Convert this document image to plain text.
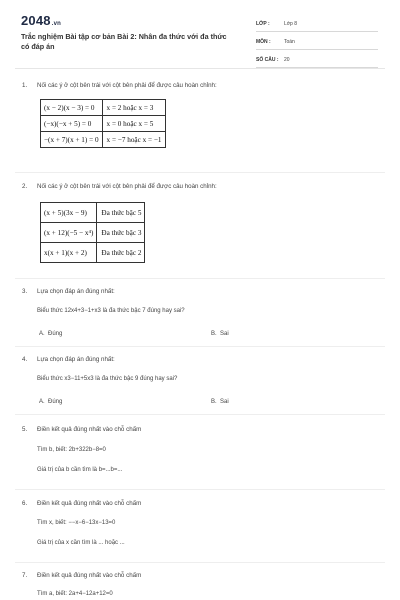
2048.vn
Trắc nghiệm Bài tập cơ bản Bài 2: Nhân đa thức với đa thức có đáp án
LỚP :	Lớp 8
MÔN :	Toán
SỐ CÂU : 20
1. Nối các ý ở cột bên trái với cột bên phải để được câu hoàn chỉnh:
(x − 2)(x − 3) = 0	x = 2 hoặc x = 3
(−x)(−x + 5) = 0	x = 0 hoặc x = 5
−(x + 7)(x + 1) = 0	x = −7 hoặc x = −1
2. Nối các ý ở cột bên trái với cột bên phải để được câu hoàn chỉnh:
(x + 5)(3x − 9)	Đa thức bậc 5
(x + 12)(−5 − x⁴)	Đa thức bậc 3
x(x + 1)(x + 2)	Đa thức bậc 2
3. Lựa chọn đáp án đúng nhất:
Biểu thức 12x4+3−1+x3 là đa thức bậc 7 đúng hay sai?
A. Đúng	B. Sai
4. Lựa chọn đáp án đúng nhất:
Biểu thức x3−11+5x3 là đa thức bậc 9 đúng hay sai?
A. Đúng	B. Sai
5. Điền kết quả đúng nhất vào chỗ chấm
Tìm b, biết: 2b+322b−8=0
Giá trị của b cần tìm là b=...b=...
6. Điền kết quả đúng nhất vào chỗ chấm
Tìm x, biết: −−x−6−13x−13=0
Giá trị của x cần tìm là ... hoặc ...
7. Điền kết quả đúng nhất vào chỗ chấm
Tìm a, biết: 2a+4−12a+12=0
